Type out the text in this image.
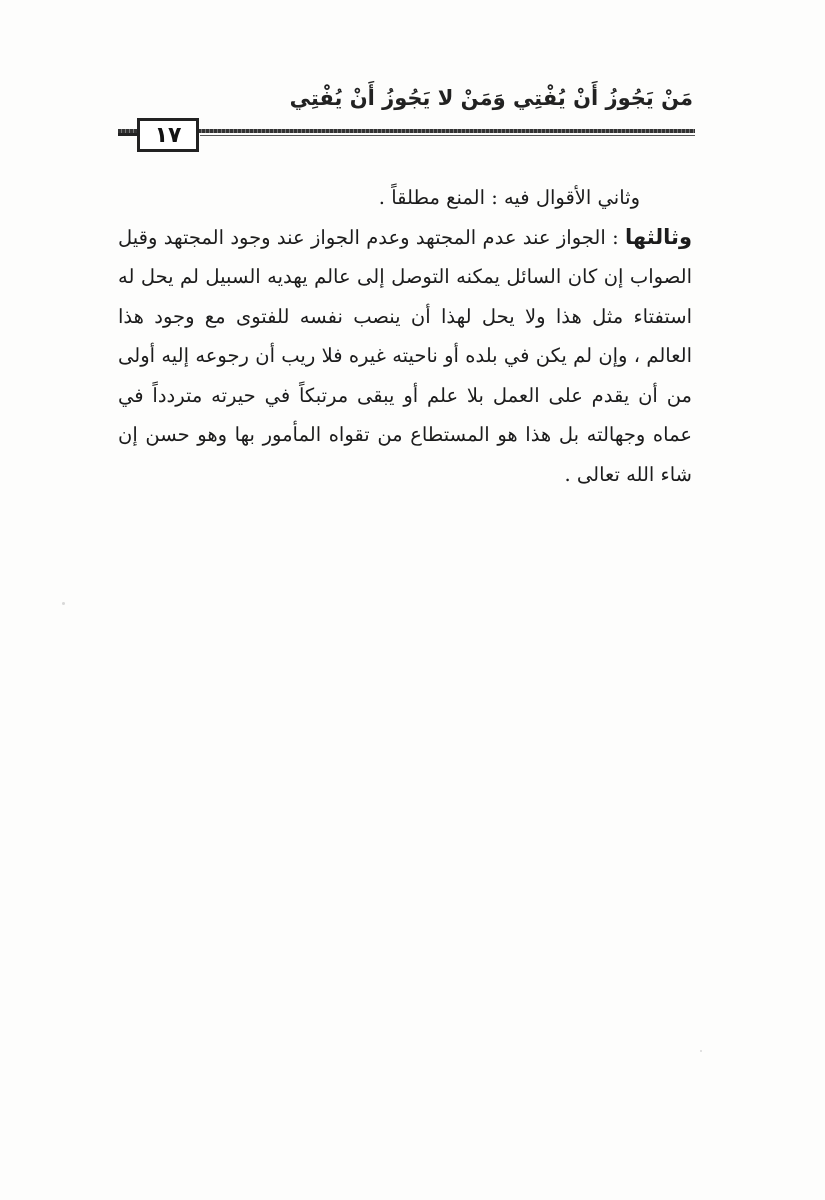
مَنْ يَجُوزُ أَنْ يُفْتِي وَمَنْ لا يَجُوزُ أَنْ يُفْتِي
١٧

وثاني الأقوال فيه : المنع مطلقاً .

وثالثها : الجواز عند عدم المجتهد وعدم الجواز عند وجود المجتهد وقيل الصواب إن كان السائل يمكنه التوصل إلى عالم يهديه السبيل لم يحل له استفتاء مثل هذا ولا يحل لهذا أن ينصب نفسه للفتوى مع وجود هذا العالم ، وإن لم يكن في بلده أو ناحيته غيره فلا ريب أن رجوعه إليه أولى من أن يقدم على العمل بلا علم أو يبقى مرتبكاً في حيرته متردداً في عماه وجهالته بل هذا هو المستطاع من تقواه المأمور بها وهو حسن إن شاء الله تعالى .
